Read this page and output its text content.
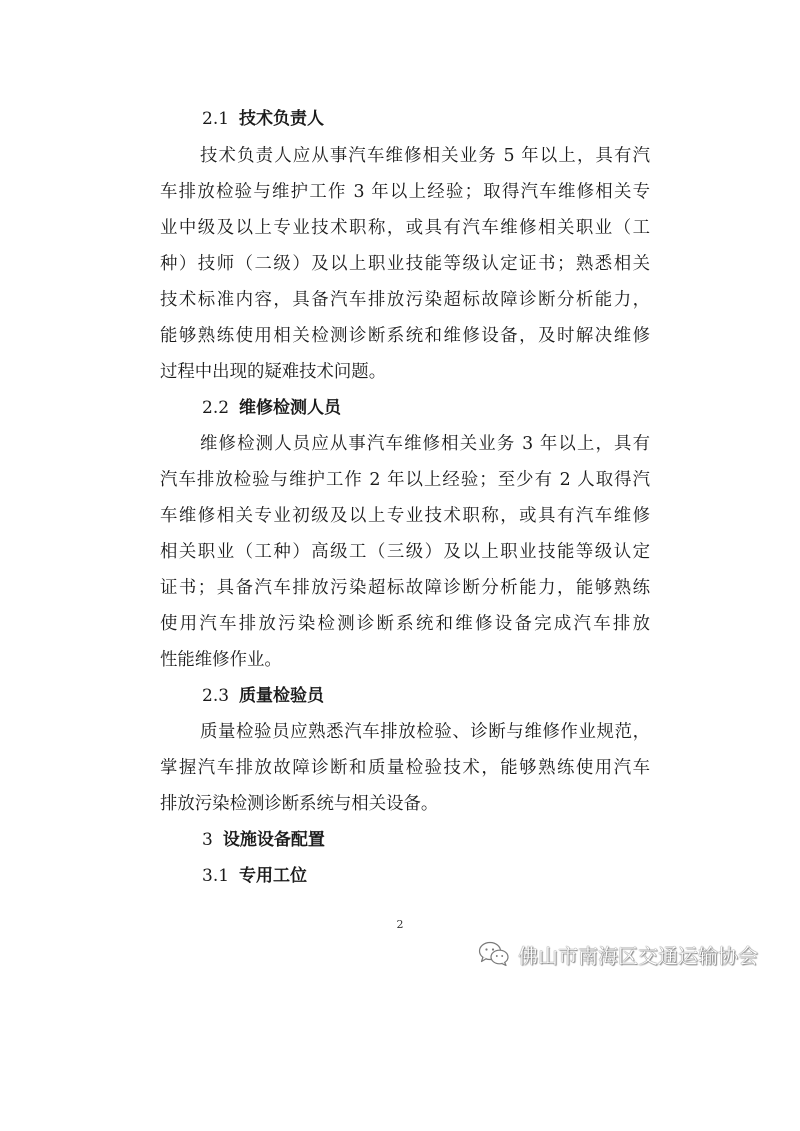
2.1 技术负责人
技术负责人应从事汽车维修相关业务 5 年以上，具有汽
车排放检验与维护工作 3 年以上经验；取得汽车维修相关专
业中级及以上专业技术职称，或具有汽车维修相关职业（工
种）技师（二级）及以上职业技能等级认定证书；熟悉相关
技术标准内容，具备汽车排放污染超标故障诊断分析能力，
能够熟练使用相关检测诊断系统和维修设备，及时解决维修
过程中出现的疑难技术问题。
2.2 维修检测人员
维修检测人员应从事汽车维修相关业务 3 年以上，具有
汽车排放检验与维护工作 2 年以上经验；至少有 2 人取得汽
车维修相关专业初级及以上专业技术职称，或具有汽车维修
相关职业（工种）高级工（三级）及以上职业技能等级认定
证书；具备汽车排放污染超标故障诊断分析能力，能够熟练
使用汽车排放污染检测诊断系统和维修设备完成汽车排放
性能维修作业。
2.3 质量检验员
质量检验员应熟悉汽车排放检验、诊断与维修作业规范，
掌握汽车排放故障诊断和质量检验技术，能够熟练使用汽车
排放污染检测诊断系统与相关设备。
3 设施设备配置
3.1 专用工位
2
佛山市南海区交通运输协会
